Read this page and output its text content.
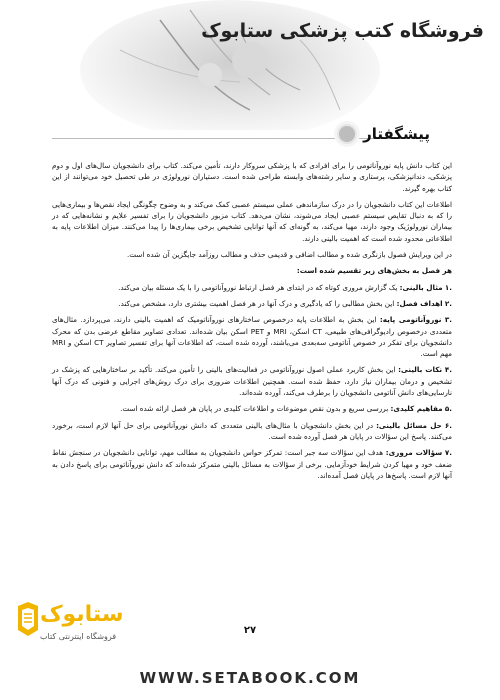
فروشگاه کتب پزشکی ستابوک
پیشگفتار

این کتاب دانش پایه نوروآناتومی را برای افرادی که با پزشکی سروکار دارند، تأمین می‌کند. کتاب برای دانشجویان سال‌های اول و دوم پزشکی، دندانپزشکی، پرستاری و سایر رشته‌های وابسته طراحی شده است. دستیاران نورولوژی در طی تحصیل خود می‌توانند از این کتاب بهره گیرند.

اطلاعات این کتاب دانشجویان را در درک سازماندهی عملی سیستم عصبی کمک می‌کند و به وضوح چگونگی ایجاد نقص‌ها و بیماری‌هایی را که به دنبال تقایص سیستم عصبی ایجاد می‌شوند، نشان می‌دهد. کتاب مزبور دانشجویان را برای تفسیر علایم و نشانه‌هایی که در بیماران نورولوژیک وجود دارند، مهیا می‌کند، به گونه‌ای که آنها توانایی تشخیص برخی بیماری‌ها را پیدا می‌کنند. میزان اطلاعات پایه به اطلاعاتی محدود شده است که اهمیت بالینی دارند.

در این ویرایش فصول بازنگری شده و مطالب اضافی و قدیمی حذف و مطالب روزآمد جایگزین آن شده است.

هر فصل به بخش‌های زیر تقسیم شده است:

.۱ مثال بالینی: یک گزارش مروری کوتاه که در ابتدای هر فصل ارتباط نوروآناتومی را با یک مسئله بیان می‌کند.
.۲ اهداف فصل: این بخش مطالبی را که یادگیری و درک آنها در هر فصل اهمیت بیشتری دارد، مشخص می‌کند.
.۳ نوروآناتومی پایه: این بخش به اطلاعات پایه درخصوص ساختارهای نوروآناتومیک که اهمیت بالینی دارند، می‌پردازد. مثال‌های متعددی درخصوص رادیوگرافی‌های طبیعی، CT اسکن، MRI و PET اسکن بیان شده‌اند. تعدادی تصاویر مقاطع عرضی بدن که محرک دانشجویان برای تفکر در خصوص آناتومی سه‌بعدی می‌باشند، آورده شده است، که اطلاعات آنها برای تفسیر تصاویر CT اسکن و MRI مهم است.
.۴ نکات بالینی: این بخش کاربرد عملی اصول نوروآناتومی در فعالیت‌های بالینی را تأمین می‌کند. تأکید بر ساختارهایی که پزشک در تشخیص و درمان بیماران نیاز دارد، حفظ شده است. همچنین اطلاعات ضروری برای درک روش‌های اجرایی و فنونی که درک آنها نارسایی‌های دانش آناتومی دانشجویان را برطرف می‌کند، آورده شده‌اند.
.۵ مفاهیم کلیدی: بررسی سریع و بدون نقص موضوعات و اطلاعات کلیدی در پایان هر فصل ارائه شده است.
.۶ حل مسائل بالینی: در این بخش دانشجویان با مثال‌های بالینی متعددی که دانش نوروآناتومی برای حل آنها لازم است، برخورد می‌کنند. پاسخ این سؤالات در پایان هر فصل آورده شده است.
.۷ سؤالات مروری: هدف این سؤالات سه جبر است: تمرکز حواس دانشجویان به مطالب مهم، توانایی دانشجویان در سنجش نقاط ضعف خود و مهیا کردن شرایط خودآزمایی. برخی از سؤالات به مسائل بالینی متمرکز شده‌اند که دانش نوروآناتومی برای پاسخ دادن به آنها لازم است. پاسخ‌ها در پایان فصل آمده‌اند.
۲۷
ستابوک
فروشگاه اینترنتی کتاب
WWW.SETABOOK.COM
